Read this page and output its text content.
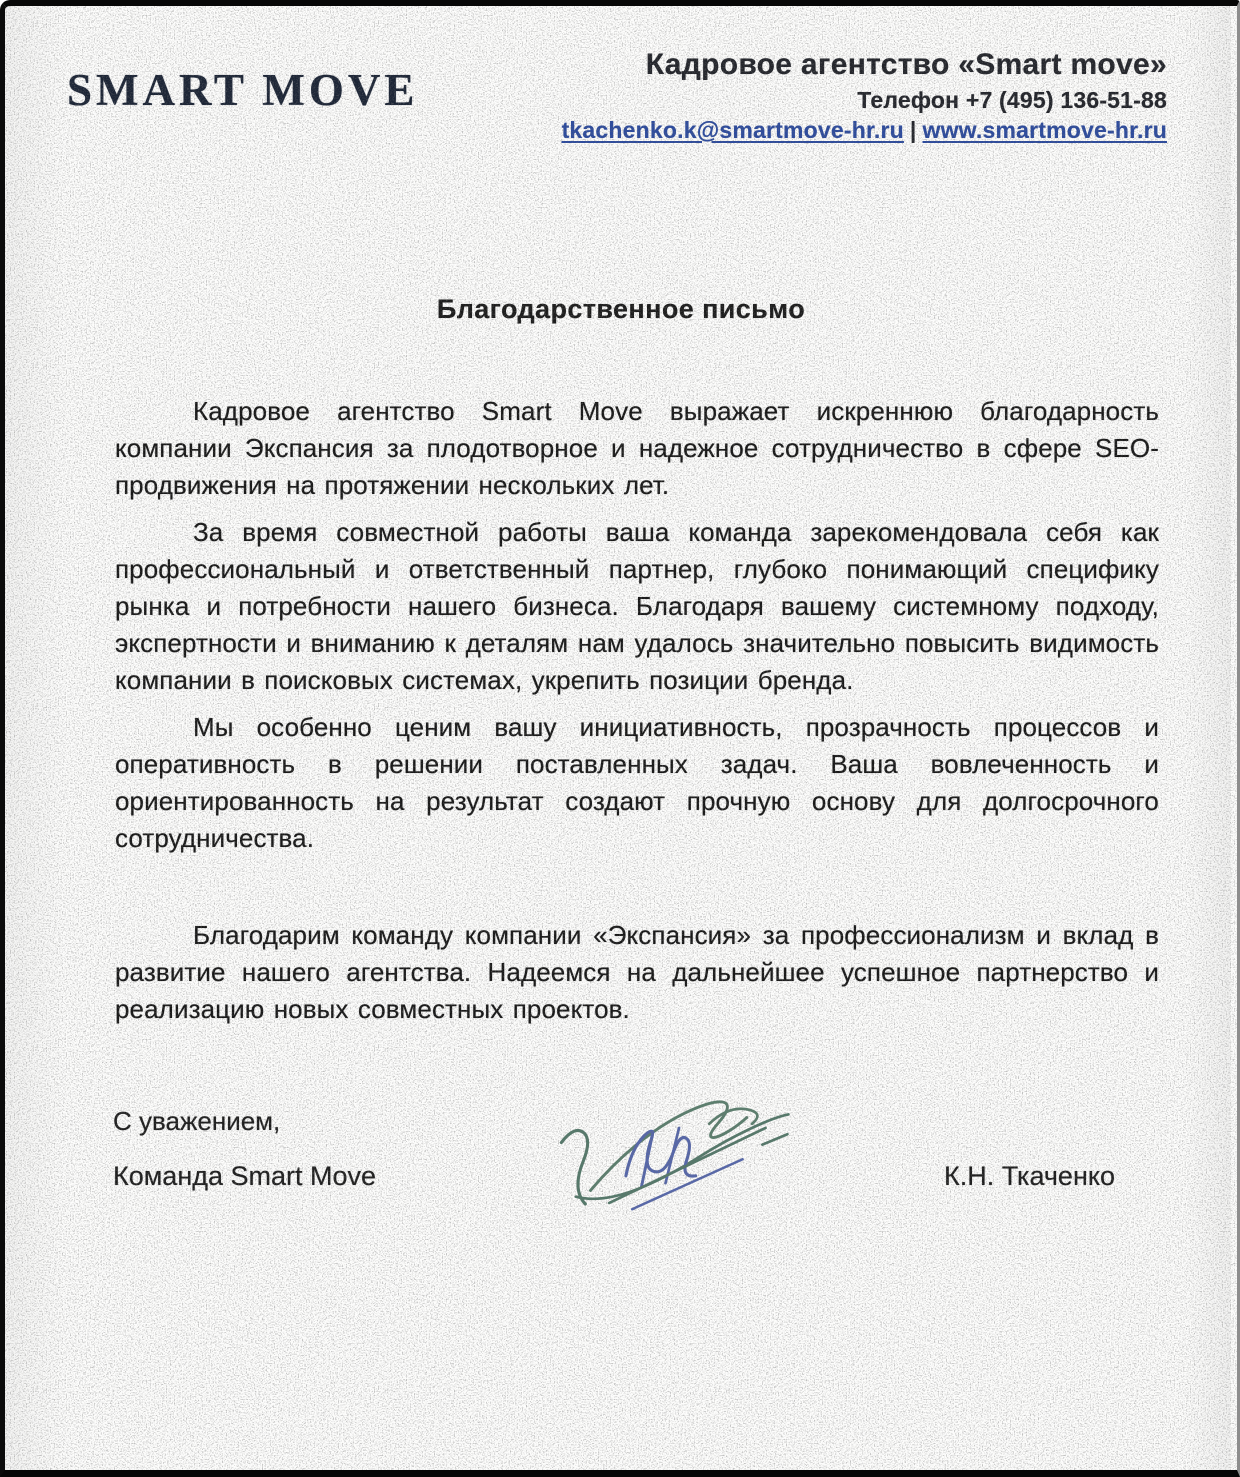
SMART MOVE
Кадровое агентство «Smart move»
Телефон +7 (495) 136-51-88
tkachenko.k@smartmove-hr.ru | www.smartmove-hr.ru
Благодарственное письмо

Кадровое агентство Smart Move выражает искреннюю благодарность компании Экспансия за плодотворное и надежное сотрудничество в сфере SEO-продвижения на протяжении нескольких лет.

За время совместной работы ваша команда зарекомендовала себя как профессиональный и ответственный партнер, глубоко понимающий специфику рынка и потребности нашего бизнеса. Благодаря вашему системному подходу, экспертности и вниманию к деталям нам удалось значительно повысить видимость компании в поисковых системах, укрепить позиции бренда.

Мы особенно ценим вашу инициативность, прозрачность процессов и оперативность в решении поставленных задач. Ваша вовлеченность и ориентированность на результат создают прочную основу для долгосрочного сотрудничества.

Благодарим команду компании «Экспансия» за профессионализм и вклад в развитие нашего агентства. Надеемся на дальнейшее успешное партнерство и реализацию новых совместных проектов.

С уважением,
Команда Smart Move	К.Н. Ткаченко
